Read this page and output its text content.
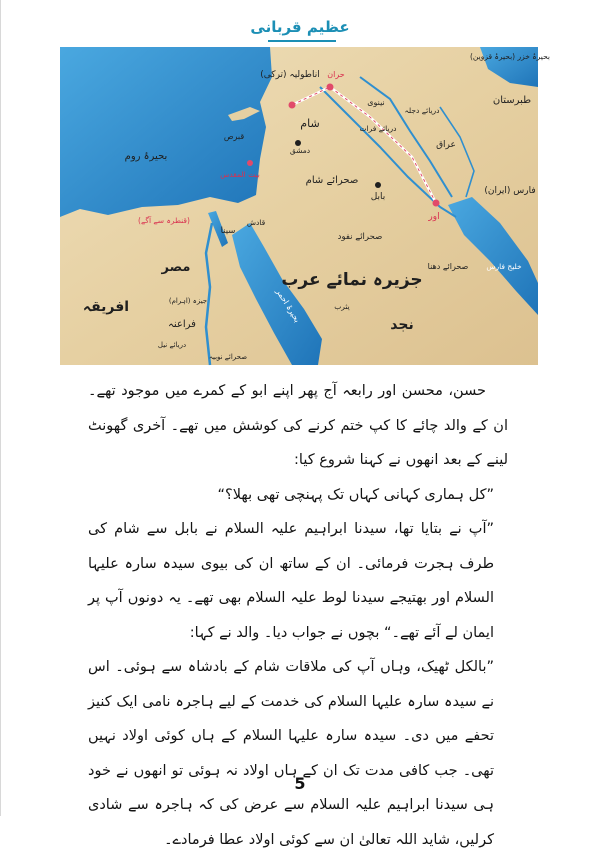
عظیم قربانی
اناطولیہ (ترکی)
بحیرۂ خزر (بحیرۂ قزوین)
طبرستان
حران
نینوی
دریائے دجلہ
دریائے فرات
عراق
شام
دمشق
قبرص
بحیرۂ روم
بیت المقدس
بابل
اور
فارس (ایران)
صحرائے شام
صحرائے نفود
جزیرہ نمائے عرب
صحرائے دھنا خلیج فارس
سینا
قادش
(قنطرہ سے آگے)
مصر
فراعنہ
افریقہ	جیزہ (اہرام)
دریائے نیل
یثرب
نجد
بحیرۂ احمر
صحرائے نوبیہ

حسن، محسن اور رابعہ آج پھر اپنے ابو کے کمرے میں موجود تھے۔ ان کے والد چائے کا کپ ختم کرنے کی کوشش میں تھے۔ آخری گھونٹ لینے کے بعد انھوں نے کہنا شروع کیا:

”کل ہماری کہانی کہاں تک پہنچی تھی بھلا؟“

”آپ نے بتایا تھا، سیدنا ابراہیم علیہ السلام نے بابل سے شام کی طرف ہجرت فرمائی۔ ان کے ساتھ ان کی بیوی سیدہ سارہ علیہا السلام اور بھتیجے سیدنا لوط علیہ السلام بھی تھے۔ یہ دونوں آپ پر ایمان لے آئے تھے۔“ بچوں نے جواب دیا۔ والد نے کہا:

”بالکل ٹھیک، وہاں آپ کی ملاقات شام کے بادشاہ سے ہوئی۔ اس نے سیدہ سارہ علیہا السلام کی خدمت کے لیے ہاجرہ نامی ایک کنیز تحفے میں دی۔ سیدہ سارہ علیہا السلام کے ہاں کوئی اولاد نہیں تھی۔ جب کافی مدت تک ان کے ہاں اولاد نہ ہوئی تو انھوں نے خود ہی سیدنا ابراہیم علیہ السلام سے عرض کی کہ ہاجرہ سے شادی کرلیں، شاید اللہ تعالیٰ ان سے کوئی اولاد عطا فرمادے۔

5
